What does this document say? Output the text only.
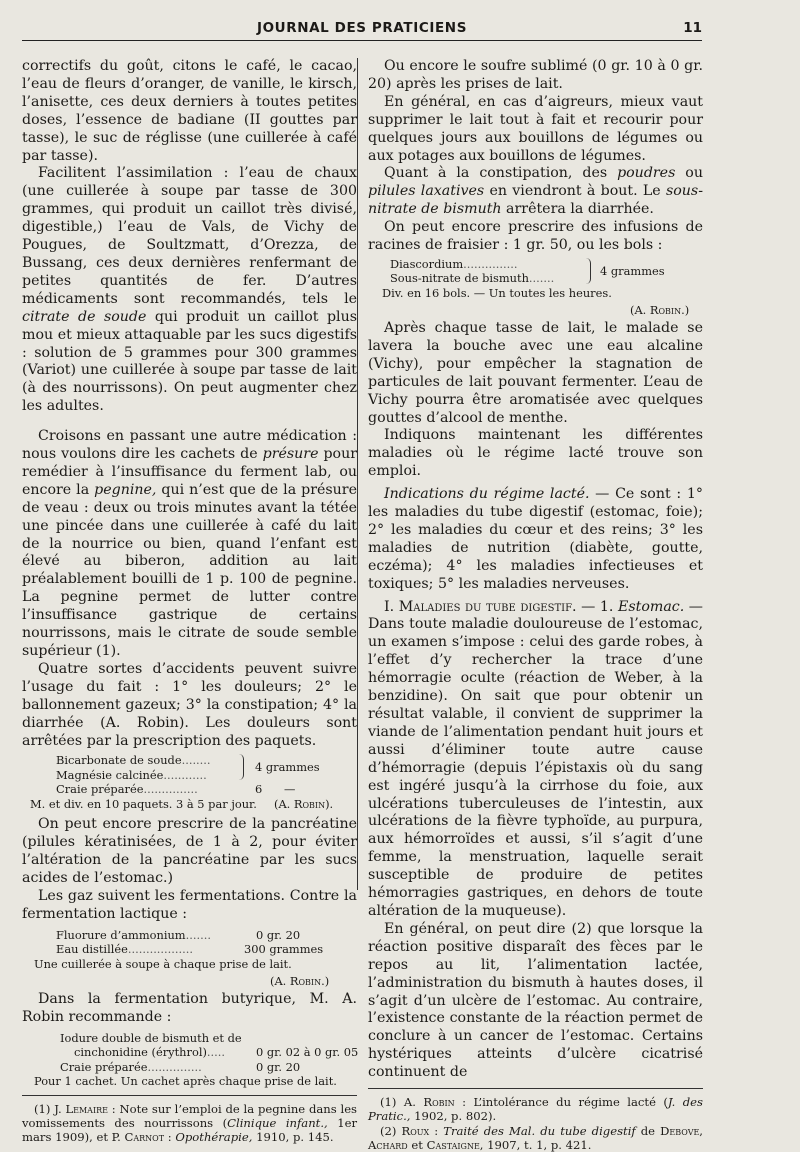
JOURNAL DES PRATICIENS	11

correctifs du goût, citons le café, le cacao, l’eau de fleurs d’oranger, de vanille, le kirsch, l’anisette, ces deux derniers à toutes petites doses, l’essence de badiane (II gouttes par tasse), le suc de réglisse (une cuillerée à café par tasse).

Facilitent l’assimilation : l’eau de chaux (une cuillerée à soupe par tasse de 300 grammes, qui produit un caillot très divisé, digestible,) l’eau de Vals, de Vichy de Pougues, de Soultzmatt, d’Orezza, de Bussang, ces deux dernières renfermant de petites quantités de fer. D’autres médicaments sont recommandés, tels le citrate de soude qui produit un caillot plus mou et mieux attaquable par les sucs digestifs : solution de 5 grammes pour 300 grammes (Variot) une cuillerée à soupe par tasse de lait (à des nourrissons). On peut augmenter chez les adultes.

Croisons en passant une autre médication : nous voulons dire les cachets de présure pour remédier à l’insuffisance du ferment lab, ou encore la pegnine, qui n’est que de la présure de veau : deux ou trois minutes avant la tétée une pincée dans une cuillerée à café du lait de la nourrice ou bien, quand l’enfant est élevé au biberon, addition au lait préalablement bouilli de 1 p. 100 de pegnine. La pegnine permet de lutter contre l’insuffisance gastrique de certains nourrissons, mais le citrate de soude semble supérieur (1).

Quatre sortes d’accidents peuvent suivre l’usage du fait : 1° les douleurs; 2° le ballonnement gazeux; 3° la constipation; 4° la diarrhée (A. Robin). Les douleurs sont arrêtées par la prescription des paquets.

Bicarbonate de soude........	4 grammes
Magnésie calcinée............
Craie préparée...............	6 —
M. et div. en 10 paquets. 3 à 5 par jour. (A. Robin).

On peut encore prescrire de la pancréatine (pilules kératinisées, de 1 à 2, pour éviter l’altération de la pancréatine par les sucs acides de l’estomac.)

Les gaz suivent les fermentations. Contre la fermentation lactique :

Fluorure d’ammonium.......	0 gr. 20
Eau distillée..................	300 grammes
Une cuillerée à soupe à chaque prise de lait.
(A. Robin.)

Dans la fermentation butyrique, M. A. Robin recommande :

Iodure double de bismuth et de
cinchonidine (érythrol).....	0 gr. 02 à 0 gr. 05
Craie préparée...............	0 gr. 20
Pour 1 cachet. Un cachet après chaque prise de lait.

(1) J. Lemaire : Note sur l’emploi de la pegnine dans les vomissements des nourrissons (Clinique infant., 1er mars 1909), et P. Carnot : Opothérapie, 1910, p. 145.

Ou encore le soufre sublimé (0 gr. 10 à 0 gr. 20) après les prises de lait.

En général, en cas d’aigreurs, mieux vaut supprimer le lait tout à fait et recourir pour quelques jours aux bouillons de légumes ou aux potages aux bouillons de légumes.

Quant à la constipation, des poudres ou pilules laxatives en viendront à bout. Le sous-nitrate de bismuth arrêtera la diarrhée.

On peut encore prescrire des infusions de racines de fraisier : 1 gr. 50, ou les bols :

Diascordium...............	4 grammes
Sous-nitrate de bismuth.......
Div. en 16 bols. — Un toutes les heures.
(A. Robin.)

Après chaque tasse de lait, le malade se lavera la bouche avec une eau alcaline (Vichy), pour empêcher la stagnation de particules de lait pouvant fermenter. L’eau de Vichy pourra être aromatisée avec quelques gouttes d’alcool de menthe.

Indiquons maintenant les différentes maladies où le régime lacté trouve son emploi.

Indications du régime lacté. — Ce sont : 1° les maladies du tube digestif (estomac, foie); 2° les maladies du cœur et des reins; 3° les maladies de nutrition (diabète, goutte, eczéma); 4° les maladies infectieuses et toxiques; 5° les maladies nerveuses.

I. Maladies du tube digestif. — 1. Estomac. — Dans toute maladie douloureuse de l’estomac, un examen s’impose : celui des garde robes, à l’effet d’y rechercher la trace d’une hémorragie oculte (réaction de Weber, à la benzidine). On sait que pour obtenir un résultat valable, il convient de supprimer la viande de l’alimentation pendant huit jours et aussi d’éliminer toute autre cause d’hémorragie (depuis l’épistaxis où du sang est ingéré jusqu’à la cirrhose du foie, aux ulcérations tuberculeuses de l’intestin, aux ulcérations de la fièvre typhoïde, au purpura, aux hémorroïdes et aussi, s’il s’agit d’une femme, la menstruation, laquelle serait susceptible de produire de petites hémorragies gastriques, en dehors de toute altération de la muqueuse).

En général, on peut dire (2) que lorsque la réaction positive disparaît des fèces par le repos au lit, l’alimentation lactée, l’administration du bismuth à hautes doses, il s’agit d’un ulcère de l’estomac. Au contraire, l’existence constante de la réaction permet de conclure à un cancer de l’estomac. Certains hystériques atteints d’ulcère cicatrisé continuent de

(1) A. Robin : L’intolérance du régime lacté (J. des Pratic., 1902, p. 802).

(2) Roux : Traité des Mal. du tube digestif de Debove, Achard et Castaigne, 1907, t. 1, p. 421.
